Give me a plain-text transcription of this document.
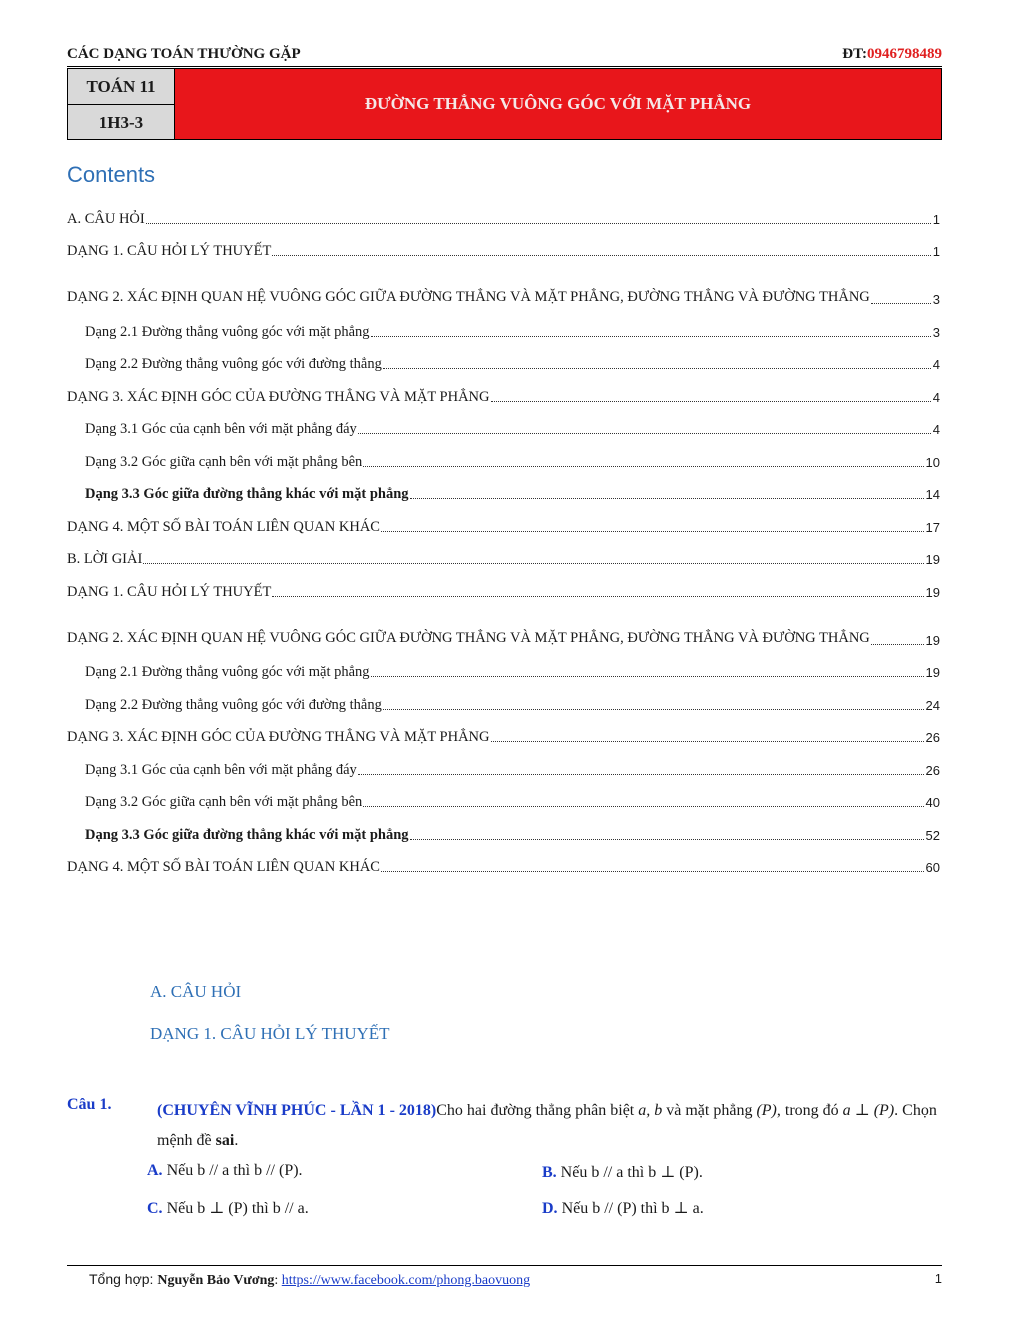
CÁC DẠNG TOÁN THƯỜNG GẶP	ĐT:0946798489
TOÁN 11
1H3-3
ĐƯỜNG THẲNG VUÔNG GÓC VỚI MẶT PHẲNG
Contents
A. CÂU HỎI	1
DẠNG 1. CÂU HỎI LÝ THUYẾT	1
DẠNG 2. XÁC ĐỊNH QUAN HỆ VUÔNG GÓC GIỮA ĐƯỜNG THẲNG VÀ MẶT PHẲNG, ĐƯỜNG THẲNG VÀ ĐƯỜNG THẲNG	3
Dạng 2.1 Đường thẳng vuông góc với mặt phẳng	3
Dạng 2.2 Đường thẳng vuông góc với đường thẳng	4
DẠNG 3. XÁC ĐỊNH GÓC CỦA ĐƯỜNG THẲNG VÀ MẶT PHẲNG	4
Dạng 3.1 Góc của cạnh bên với mặt phẳng đáy	4
Dạng 3.2 Góc giữa cạnh bên với mặt phẳng bên	10
Dạng 3.3 Góc giữa đường thẳng khác với mặt phẳng	14
DẠNG 4. MỘT SỐ BÀI TOÁN LIÊN QUAN KHÁC	17
B. LỜI GIẢI	19
DẠNG 1. CÂU HỎI LÝ THUYẾT	19
DẠNG 2. XÁC ĐỊNH QUAN HỆ VUÔNG GÓC GIỮA ĐƯỜNG THẲNG VÀ MẶT PHẲNG, ĐƯỜNG THẲNG VÀ ĐƯỜNG THẲNG	19
Dạng 2.1 Đường thẳng vuông góc với mặt phẳng	19
Dạng 2.2 Đường thẳng vuông góc với đường thẳng	24
DẠNG 3. XÁC ĐỊNH GÓC CỦA ĐƯỜNG THẲNG VÀ MẶT PHẲNG	26
Dạng 3.1 Góc của cạnh bên với mặt phẳng đáy	26
Dạng 3.2 Góc giữa cạnh bên với mặt phẳng bên	40
Dạng 3.3 Góc giữa đường thẳng khác với mặt phẳng	52
DẠNG 4. MỘT SỐ BÀI TOÁN LIÊN QUAN KHÁC	60
A. CÂU HỎI
DẠNG 1. CÂU HỎI LÝ THUYẾT
Câu 1.	(CHUYÊN VĨNH PHÚC - LẦN 1 - 2018)Cho hai đường thẳng phân biệt a, b và mặt phẳng (P), trong đó a ⊥ (P). Chọn mệnh đề sai.
A. Nếu b // a thì b // (P).	B. Nếu b // a thì b ⊥ (P).
C. Nếu b ⊥ (P) thì b // a.	D. Nếu b // (P) thì b ⊥ a.
Tổng hợp: Nguyễn Bảo Vương: https://www.facebook.com/phong.baovuong	1
